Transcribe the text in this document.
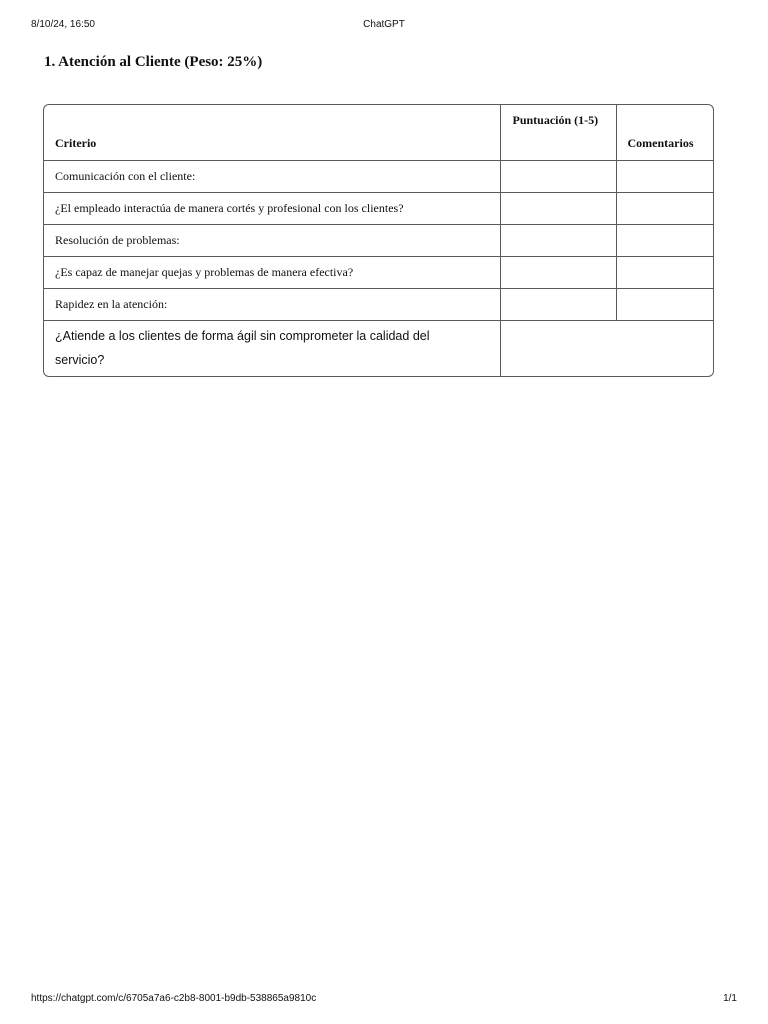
8/10/24, 16:50	ChatGPT
1. Atención al Cliente (Peso: 25%)
Criterio	Puntuación (1-5)	Comentarios
Comunicación con el cliente:		
¿El empleado interactúa de manera cortés y profesional con los clientes?		
Resolución de problemas:		
¿Es capaz de manejar quejas y problemas de manera efectiva?		
Rapidez en la atención:		
¿Atiende a los clientes de forma ágil sin comprometer la calidad del servicio?		
https://chatgpt.com/c/6705a7a6-c2b8-8001-b9db-538865a9810c	1/1
